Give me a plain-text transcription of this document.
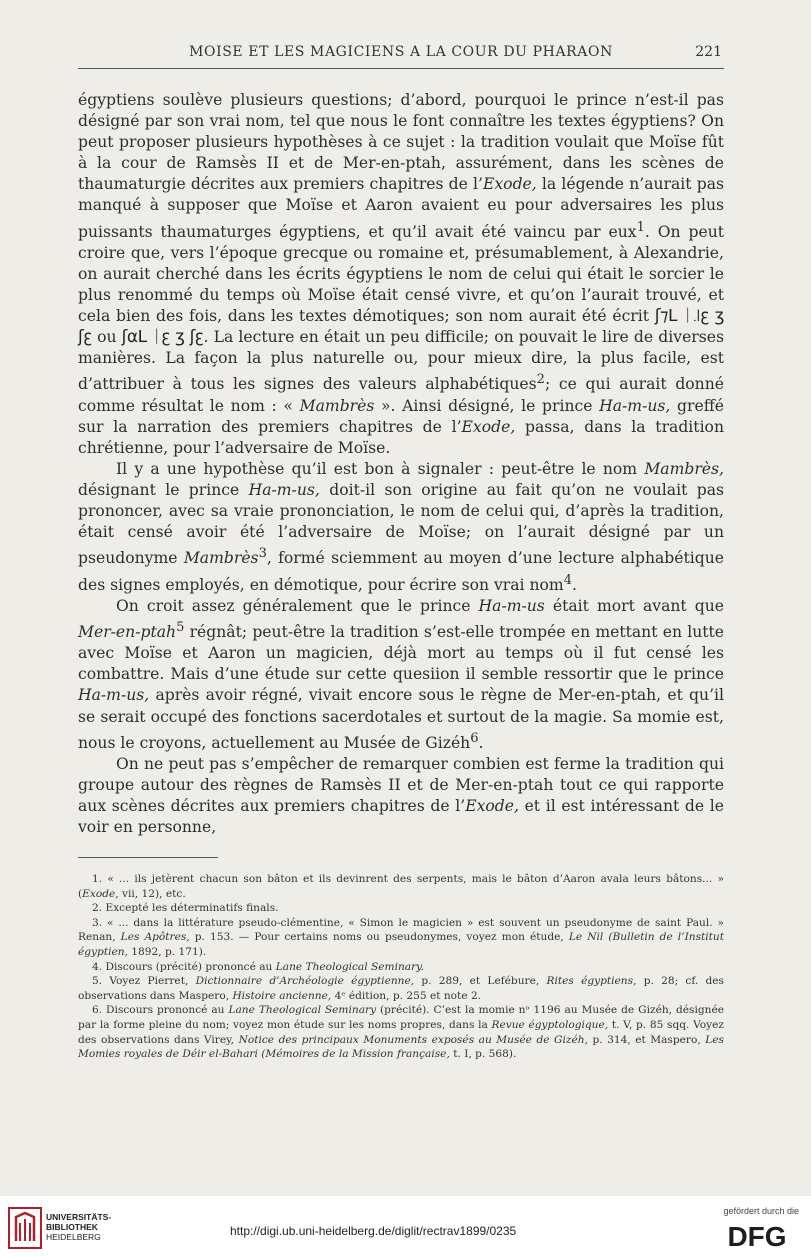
MOISE ET LES MAGICIENS A LA COUR DU PHARAON	221

égyptiens soulève plusieurs questions; d’abord, pourquoi le prince n’est-il pas désigné par son vrai nom, tel que nous le font connaître les textes égyptiens? On peut proposer plusieurs hypothèses à ce sujet : la tradition voulait que Moïse fût à la cour de Ramsès II et de Mer-en-ptah, assurément, dans les scènes de thaumaturgie décrites aux premiers chapitres de l’Exode, la légende n’aurait pas manqué à supposer que Moïse et Aaron avaient eu pour adversaires les plus puissants thaumaturges égyptiens, et qu’il avait été vaincu par eux$^1$. On peut croire que, vers l’époque grecque ou romaine et, présumablement, à Alexandrie, on aurait cherché dans les écrits égyptiens le nom de celui qui était le sorcier le plus renommé du temps où Moïse était censé vivre, et qu’on l’aurait trouvé, et cela bien des fois, dans les textes démotiques; son nom aurait été écrit ʃ⁊ᒪ ᛁ꜌ꜫ ʒ ʃꜫ ou ʃ⍺ᒪ ᛁꜫ ʒ ʃꜫ. La lecture en était un peu difficile; on pouvait le lire de diverses manières. La façon la plus naturelle ou, pour mieux dire, la plus facile, est d’attribuer à tous les signes des valeurs alphabétiques$^2$; ce qui aurait donné comme résultat le nom : « Mambrès ». Ainsi désigné, le prince Ha-m-us, greffé sur la narration des premiers chapitres de l’Exode, passa, dans la tradition chrétienne, pour l’adversaire de Moïse.

Il y a une hypothèse qu’il est bon à signaler : peut-être le nom Mambrès, désignant le prince Ha-m-us, doit-il son origine au fait qu’on ne voulait pas prononcer, avec sa vraie prononciation, le nom de celui qui, d’après la tradition, était censé avoir été l’adversaire de Moïse; on l’aurait désigné par un pseudonyme Mambrès$^3$, formé sciemment au moyen d’une lecture alphabétique des signes employés, en démotique, pour écrire son vrai nom$^4$.

On croit assez généralement que le prince Ha-m-us était mort avant que Mer-en-ptah$^5$ régnât; peut-être la tradition s’est-elle trompée en mettant en lutte avec Moïse et Aaron un magicien, déjà mort au temps où il fut censé les combattre. Mais d’une étude sur cette quesiion il semble ressortir que le prince Ha-m-us, après avoir régné, vivait encore sous le règne de Mer-en-ptah, et qu’il se serait occupé des fonctions sacerdotales et surtout de la magie. Sa momie est, nous le croyons, actuellement au Musée de Gizéh$^6$.

On ne peut pas s’empêcher de remarquer combien est ferme la tradition qui groupe autour des règnes de Ramsès II et de Mer-en-ptah tout ce qui rapporte aux scènes décrites aux premiers chapitres de l’Exode, et il est intéressant de le voir en personne,

1. « ... ils jetèrent chacun son bâton et ils devinrent des serpents, mais le bâton d’Aaron avala leurs bâtons... » (Exode, vii, 12), etc.

2. Excepté les déterminatifs finals.

3. « ... dans la littérature pseudo-clémentine, « Simon le magicien » est souvent un pseudonyme de saint Paul. » Renan, Les Apôtres, p. 153. — Pour certains noms ou pseudonymes, voyez mon étude, Le Nil (Bulletin de l’Institut égyptien, 1892, p. 171).

4. Discours (précité) prononcé au Lane Theological Seminary.

5. Voyez Pierret, Dictionnaire d’Archéologie égyptienne, p. 289, et Lefébure, Rites égyptiens, p. 28; cf. des observations dans Maspero, Histoire ancienne, 4ᵉ édition, p. 255 et note 2.

6. Discours prononcé au Lane Theological Seminary (précité). C’est la momie nᵒ 1196 au Musée de Gizéh, désignée par la forme pleine du nom; voyez mon étude sur les noms propres, dans la Revue égyptologique, t. V, p. 85 sqq. Voyez des observations dans Virey, Notice des principaux Monuments exposés au Musée de Gizéh, p. 314, et Maspero, Les Momies royales de Déir el-Bahari (Mémoires de la Mission française, t. I, p. 568).

UNIVERSITÄTS-
BIBLIOTHEK
HEIDELBERG	http://digi.ub.uni-heidelberg.de/diglit/rectrav1899/0235
gefördert durch die
DFG
